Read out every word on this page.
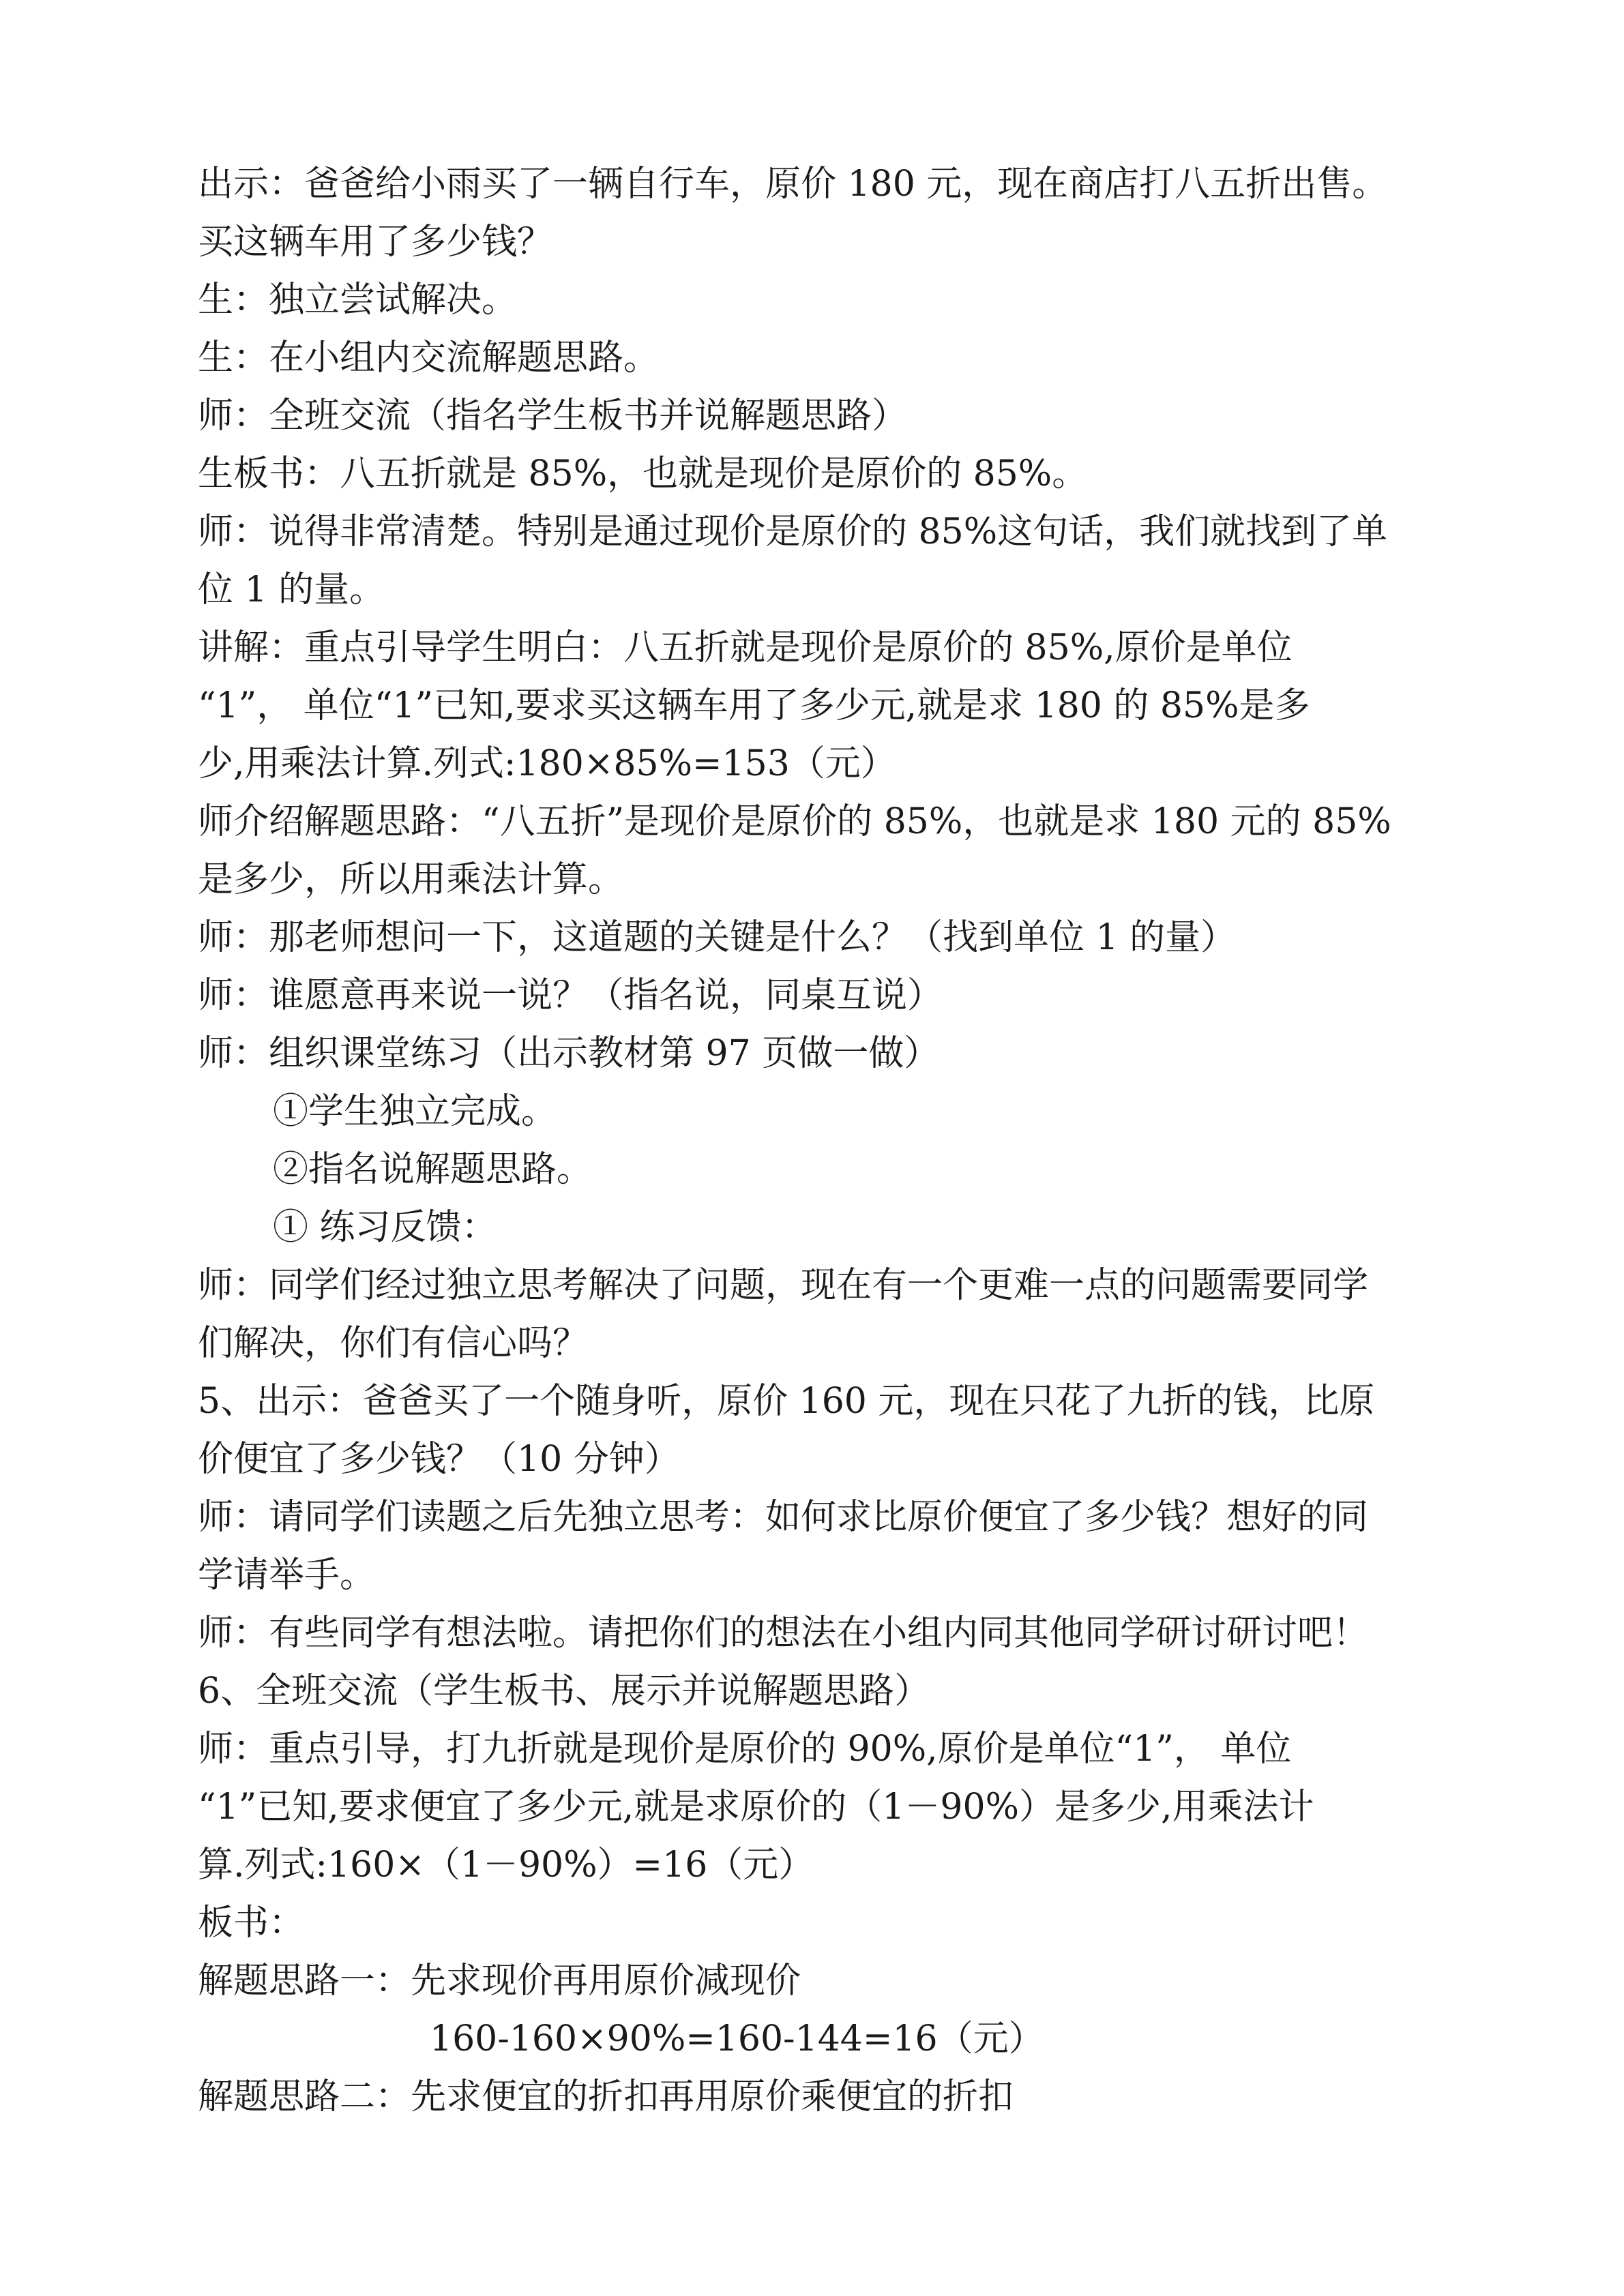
出示：爸爸给小雨买了一辆自行车，原价 180 元，现在商店打八五折出售。
买这辆车用了多少钱？
生：独立尝试解决。
生：在小组内交流解题思路。
师：全班交流（指名学生板书并说解题思路）
生板书：八五折就是 85%，也就是现价是原价的 85%。
师：说得非常清楚。特别是通过现价是原价的 85%这句话，我们就找到了单
位 1 的量。
讲解：重点引导学生明白：八五折就是现价是原价的 85%,原价是单位
“1”， 单位“1”已知,要求买这辆车用了多少元,就是求 180 的 85%是多
少,用乘法计算.列式:180×85%=153（元）
师介绍解题思路：“八五折”是现价是原价的 85%，也就是求 180 元的 85%
是多少，所以用乘法计算。
师：那老师想问一下，这道题的关键是什么？（找到单位 1 的量）
师：谁愿意再来说一说？（指名说，同桌互说）
师：组织课堂练习（出示教材第 97 页做一做）
①学生独立完成。
②指名说解题思路。
① 练习反馈：
师：同学们经过独立思考解决了问题，现在有一个更难一点的问题需要同学
们解决，你们有信心吗？
5、出示：爸爸买了一个随身听，原价 160 元，现在只花了九折的钱，比原
价便宜了多少钱？（10 分钟）
师：请同学们读题之后先独立思考：如何求比原价便宜了多少钱？想好的同
学请举手。
师：有些同学有想法啦。请把你们的想法在小组内同其他同学研讨研讨吧！
6、全班交流（学生板书、展示并说解题思路）
师：重点引导，打九折就是现价是原价的 90%,原价是单位“1”， 单位
“1”已知,要求便宜了多少元,就是求原价的（1－90%）是多少,用乘法计
算.列式:160×（1－90%）=16（元）
板书：
解题思路一：先求现价再用原价减现价
160-160×90%=160-144=16（元）
解题思路二：先求便宜的折扣再用原价乘便宜的折扣
